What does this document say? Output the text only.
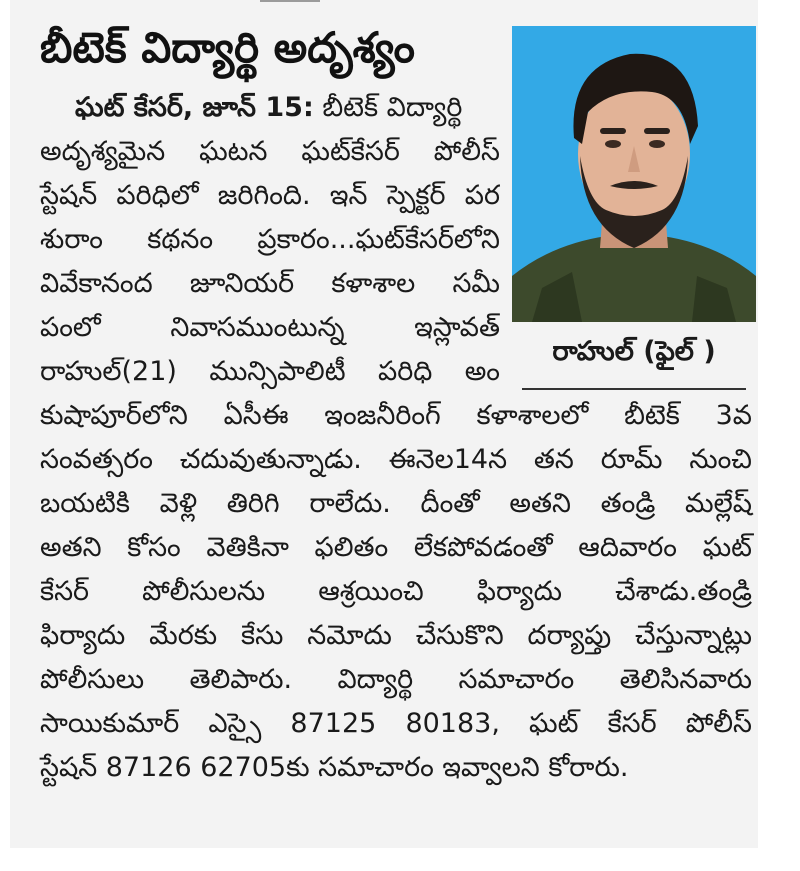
బీటెక్ విద్యార్థి అదృశ్యం
రాహుల్ (ఫైల్ )
ఘట్ కేసర్, జూన్ 15: బీటెక్ విద్యార్థి
అదృశ్యమైన ఘటన ఘట్‌కేసర్ పోలీస్
స్టేషన్ పరిధిలో జరిగింది. ఇన్ స్పెక్టర్ పర
శురాం కథనం ప్రకారం...ఘట్‌కేసర్‌లోని
వివేకానంద జూనియర్ కళాశాల సమీ
పంలో నివాసముంటున్న ఇస్లావత్
రాహుల్(21) మున్సిపాలిటీ పరిధి అం
కుషాపూర్‌లోని ఏసీఈ ఇంజనీరింగ్ కళాశాలలో బీటెక్ 3వ
సంవత్సరం చదువుతున్నాడు. ఈనెల14న తన రూమ్ నుంచి
బయటికి వెళ్లి తిరిగి రాలేదు. దీంతో అతని తండ్రి మల్లేష్
అతని కోసం వెతికినా ఫలితం లేకపోవడంతో ఆదివారం ఘట్
కేసర్ పోలీసులను ఆశ్రయించి ఫిర్యాదు చేశాడు.తండ్రి
ఫిర్యాదు మేరకు కేసు నమోదు చేసుకొని దర్యాప్తు చేస్తున్నాట్లు
పోలీసులు తెలిపారు. విద్యార్థి సమాచారం తెలిసినవారు
సాయికుమార్ ఎస్సై 87125 80183, ఘట్ కేసర్ పోలీస్
స్టేషన్ 87126 62705కు సమాచారం ఇవ్వాలని కోరారు.
